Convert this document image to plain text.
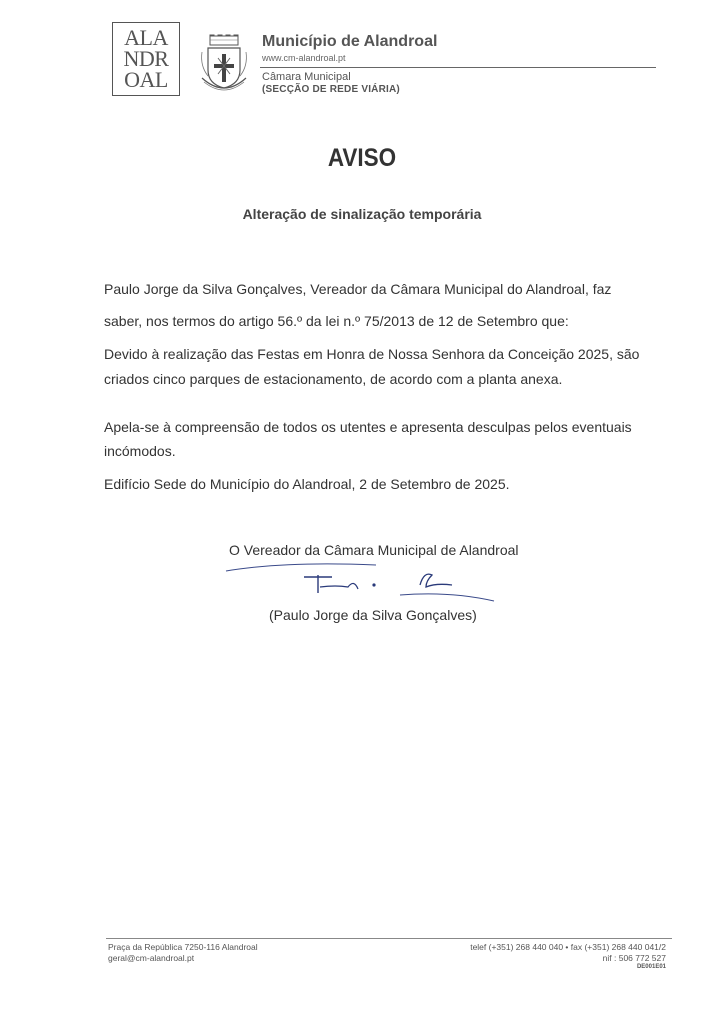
ALA
NDR
OAL
Município de Alandroal
www.cm-alandroal.pt
Câmara Municipal
(SECÇÃO DE REDE VIÁRIA)
AVISO
Alteração de sinalização temporária
Paulo Jorge da Silva Gonçalves, Vereador da Câmara Municipal do Alandroal, faz
saber, nos termos do artigo 56.º da lei n.º 75/2013 de 12 de Setembro que:
Devido à realização das Festas em Honra de Nossa Senhora da Conceição 2025, são
criados cinco parques de estacionamento, de acordo com a planta anexa.
Apela-se à compreensão de todos os utentes e apresenta desculpas pelos eventuais
incómodos.
Edifício Sede do Município do Alandroal, 2 de Setembro de 2025.
O Vereador da Câmara Municipal de Alandroal
(Paulo Jorge da Silva Gonçalves)
Praça da República 7250-116 Alandroal
geral@cm-alandroal.pt
telef (+351) 268 440 040 • fax (+351) 268 440 041/2
nif : 506 772 527
DE001E01
